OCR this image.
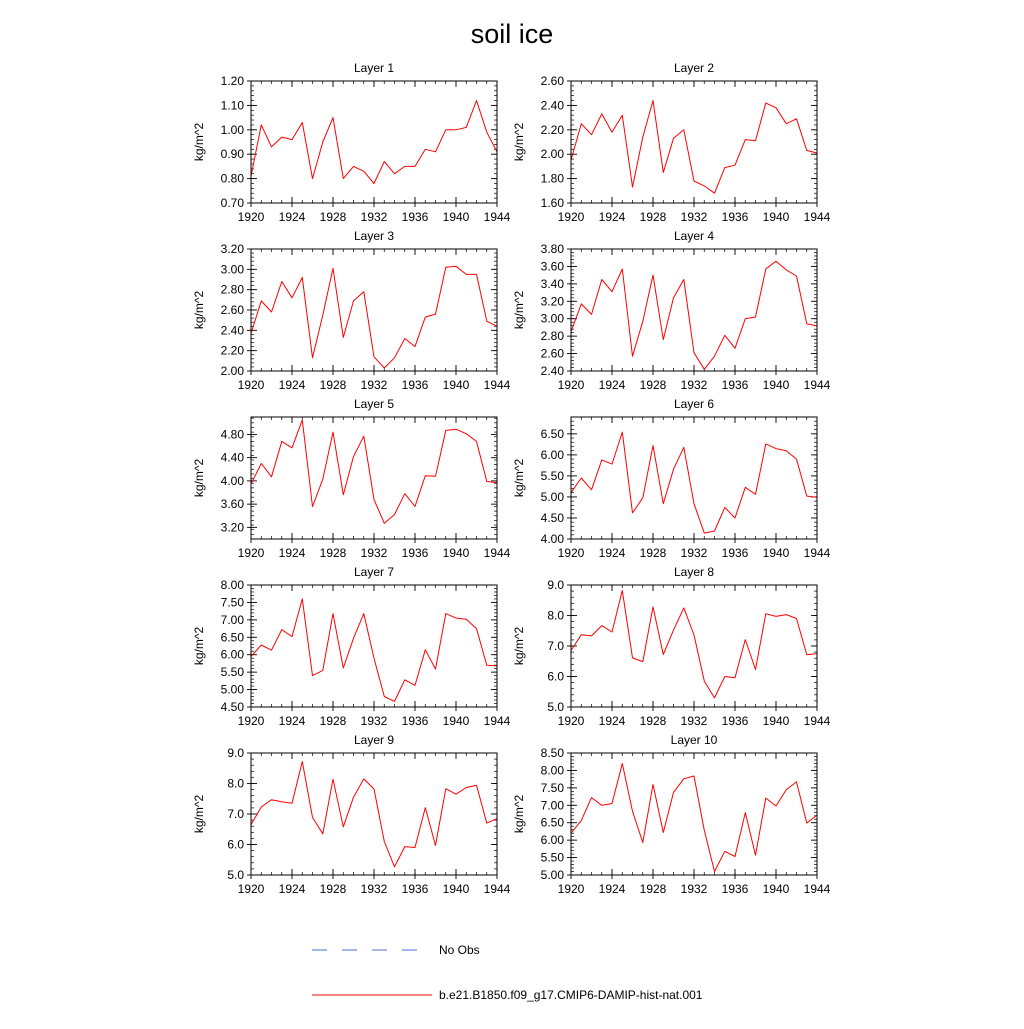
soil ice
Layer 1
kg/m^2
0.70
0.80
0.90
1.00
1.10
1.20
1920 1924 1928 1932 1936 1940 1944
Layer 2
kg/m^2
1.60
1.80
2.00
2.20
2.40
2.60
1920 1924 1928 1932 1936 1940 1944
Layer 3
kg/m^2
2.00
2.20
2.40
2.60
2.80
3.00
3.20
1920 1924 1928 1932 1936 1940 1944
Layer 4
kg/m^2
2.40
2.60
2.80
3.00
3.20
3.40
3.60
3.80
1920 1924 1928 1932 1936 1940 1944
Layer 5
kg/m^2
3.20
3.60
4.00
4.40
4.80
1920 1924 1928 1932 1936 1940 1944
Layer 6
kg/m^2
4.00
4.50
5.00
5.50
6.00
6.50
1920 1924 1928 1932 1936 1940 1944
Layer 7
kg/m^2
4.50
5.00
5.50
6.00
6.50
7.00
7.50
8.00
1920 1924 1928 1932 1936 1940 1944
Layer 8
kg/m^2
5.0
6.0
7.0
8.0
9.0
1920 1924 1928 1932 1936 1940 1944
Layer 9
kg/m^2
5.0
6.0
7.0
8.0
9.0
1920 1924 1928 1932 1936 1940 1944
Layer 10
kg/m^2
5.00
5.50
6.00
6.50
7.00
7.50
8.00
8.50
1920 1924 1928 1932 1936 1940 1944
No Obs
b.e21.B1850.f09_g17.CMIP6-DAMIP-hist-nat.001
